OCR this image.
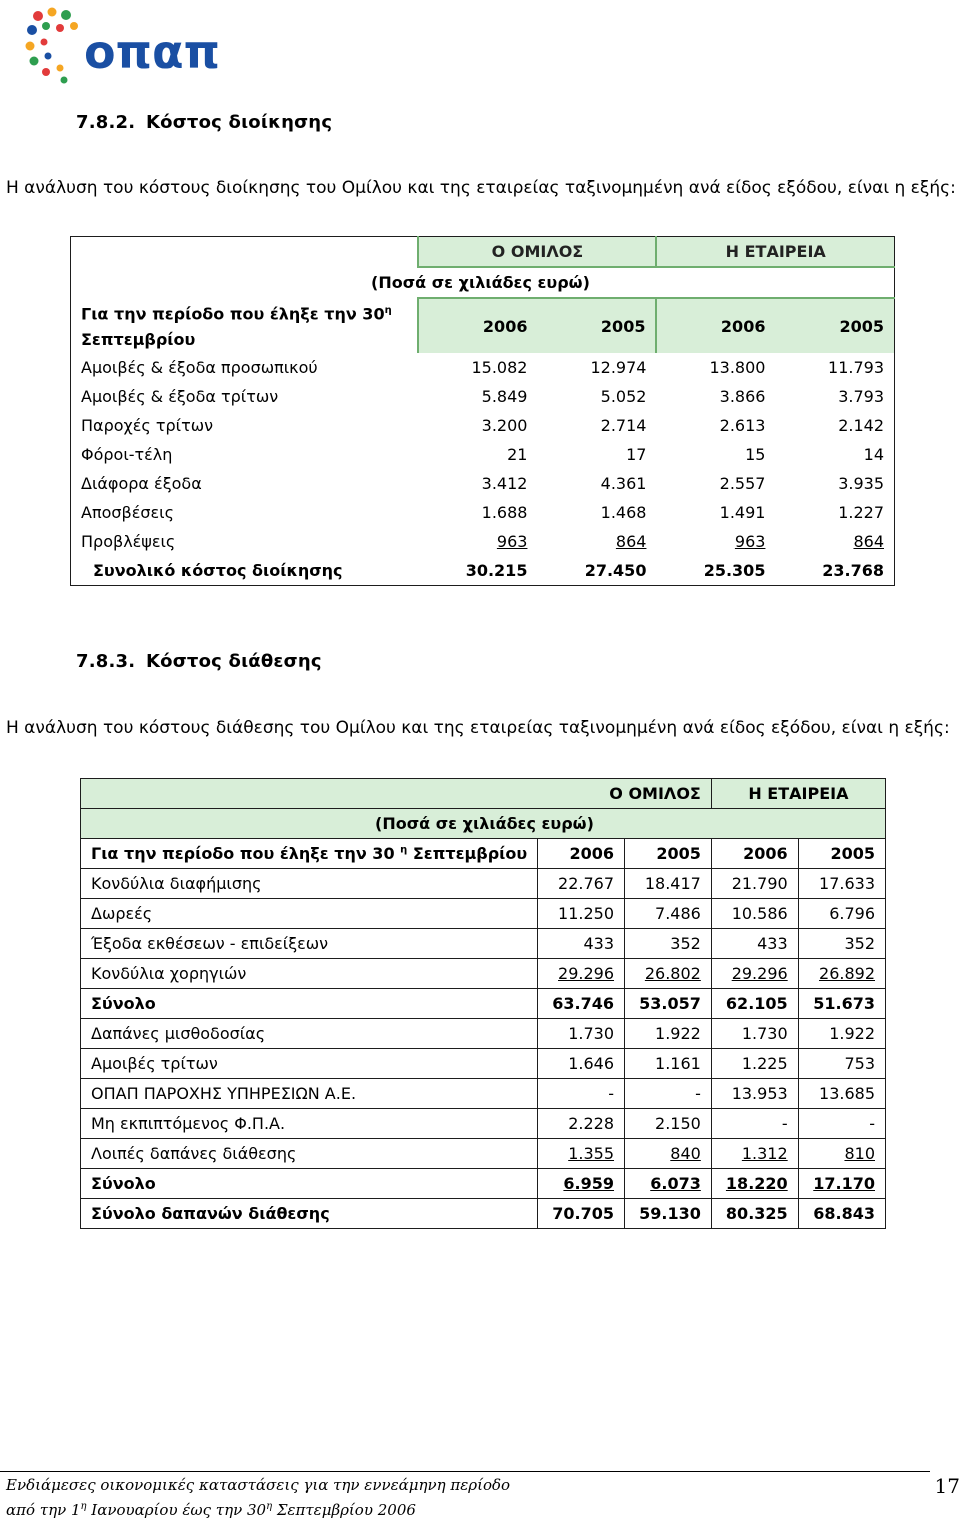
οπαπ
7.8.2. Κόστος διοίκησης
Η ανάλυση του κόστους διοίκησης του Ομίλου και της εταιρείας ταξινομημένη ανά είδος εξόδου, είναι η εξής:
	Ο ΟΜΙΛΟΣ		Η ΕΤΑΙΡΕΙΑ	
(Ποσά σε χιλιάδες ευρώ)				
Για την περίοδο που έληξε την $30^\eta$
Σεπτεμβρίου	2006	2005	2006	2005
Αμοιβές & έξοδα προσωπικού	15.082	12.974	13.800	11.793
Αμοιβές & έξοδα τρίτων	5.849	5.052	3.866	3.793
Παροχές τρίτων	3.200	2.714	2.613	2.142
Φόροι-τέλη	21	17	15	14
Διάφορα έξοδα	3.412	4.361	2.557	3.935
Αποσβέσεις	1.688	1.468	1.491	1.227
Προβλέψεις	963	864	963	864
Συνολικό κόστος διοίκησης	30.215	27.450	25.305	23.768
7.8.3. Κόστος διάθεσης
Η ανάλυση του κόστους διάθεσης του Ομίλου και της εταιρείας ταξινομημένη ανά είδος εξόδου, είναι η εξής:
	Ο ΟΜΙΛΟΣ		Η ΕΤΑΙΡΕΙΑ	
(Ποσά σε χιλιάδες ευρώ)				
Για την περίοδο που έληξε την 30 $^\eta$ Σεπτεμβρίου	2006	2005	2006	2005
Κονδύλια διαφήμισης	22.767	18.417	21.790	17.633
Δωρεές	11.250	7.486	10.586	6.796
Έξοδα εκθέσεων - επιδείξεων	433	352	433	352
Κονδύλια χορηγιών	29.296	26.802	29.296	26.892
Σύνολο	63.746	53.057	62.105	51.673
Δαπάνες μισθοδοσίας	1.730	1.922	1.730	1.922
Αμοιβές τρίτων	1.646	1.161	1.225	753
ΟΠΑΠ ΠΑΡΟΧΗΣ ΥΠΗΡΕΣΙΩΝ Α.Ε.	-	-	13.953	13.685
Μη εκπιπτόμενος Φ.Π.Α.	2.228	2.150	-	-
Λοιπές δαπάνες διάθεσης	1.355	840	1.312	810
Σύνολο	6.959	6.073	18.220	17.170
Σύνολο δαπανών διάθεσης	70.705	59.130	80.325	68.843
Ενδιάμεσες οικονομικές καταστάσεις για την εννεάμηνη περίοδο
από την $1^\eta$ Ιανουαρίου έως την $30^\eta$ Σεπτεμβρίου 2006
17
